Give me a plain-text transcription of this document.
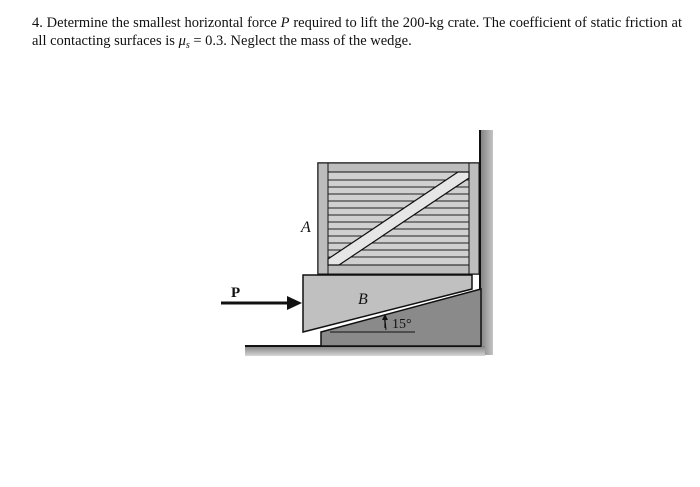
4. Determine the smallest horizontal force P required to lift the 200-kg crate. The coefficient of static friction at all contacting surfaces is $\mu_s = 0.3$. Neglect the mass of the wedge.
P
A
B
15°
